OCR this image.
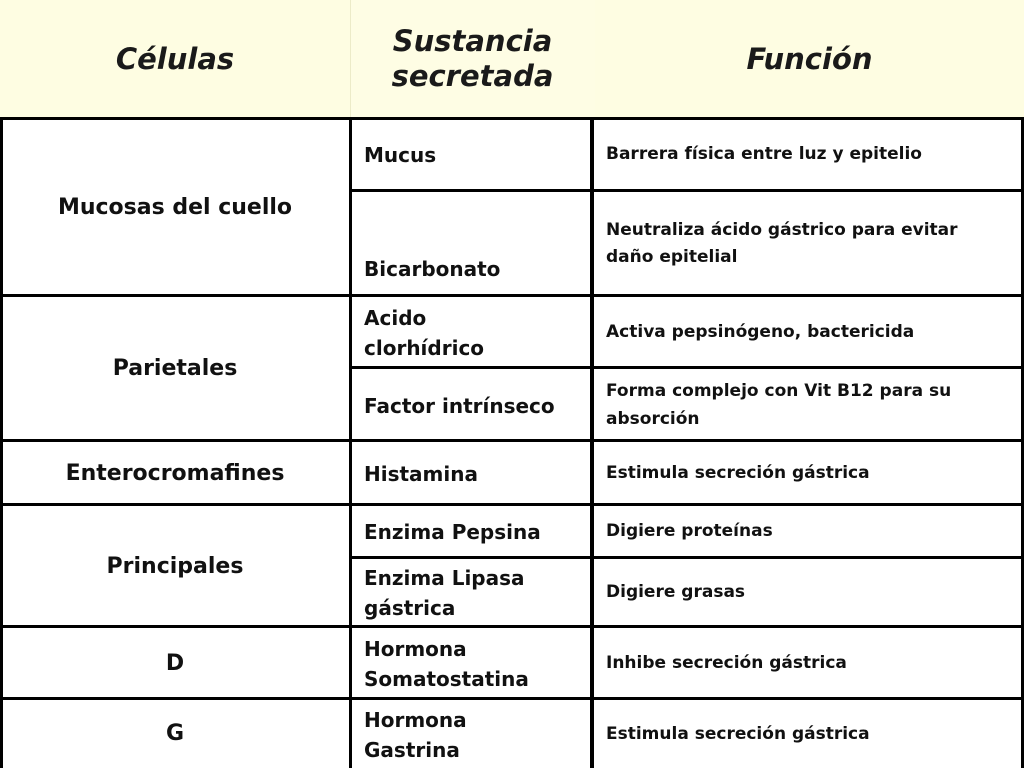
Células
Sustancia secretada
Función
Mucosas del cuello
Parietales
Enterocromafines
Principales
D
G
Mucus
Bicarbonato
Acido clorhídrico
Factor intrínseco
Histamina
Enzima Pepsina
Enzima Lipasa gástrica
Hormona Somatostatina
Hormona Gastrina
Barrera física entre luz y epitelio
Neutraliza ácido gástrico para evitar daño epitelial
Activa pepsinógeno, bactericida
Forma complejo con Vit B12 para su absorción
Estimula secreción gástrica
Digiere proteínas
Digiere grasas
Inhibe secreción gástrica
Estimula secreción gástrica
